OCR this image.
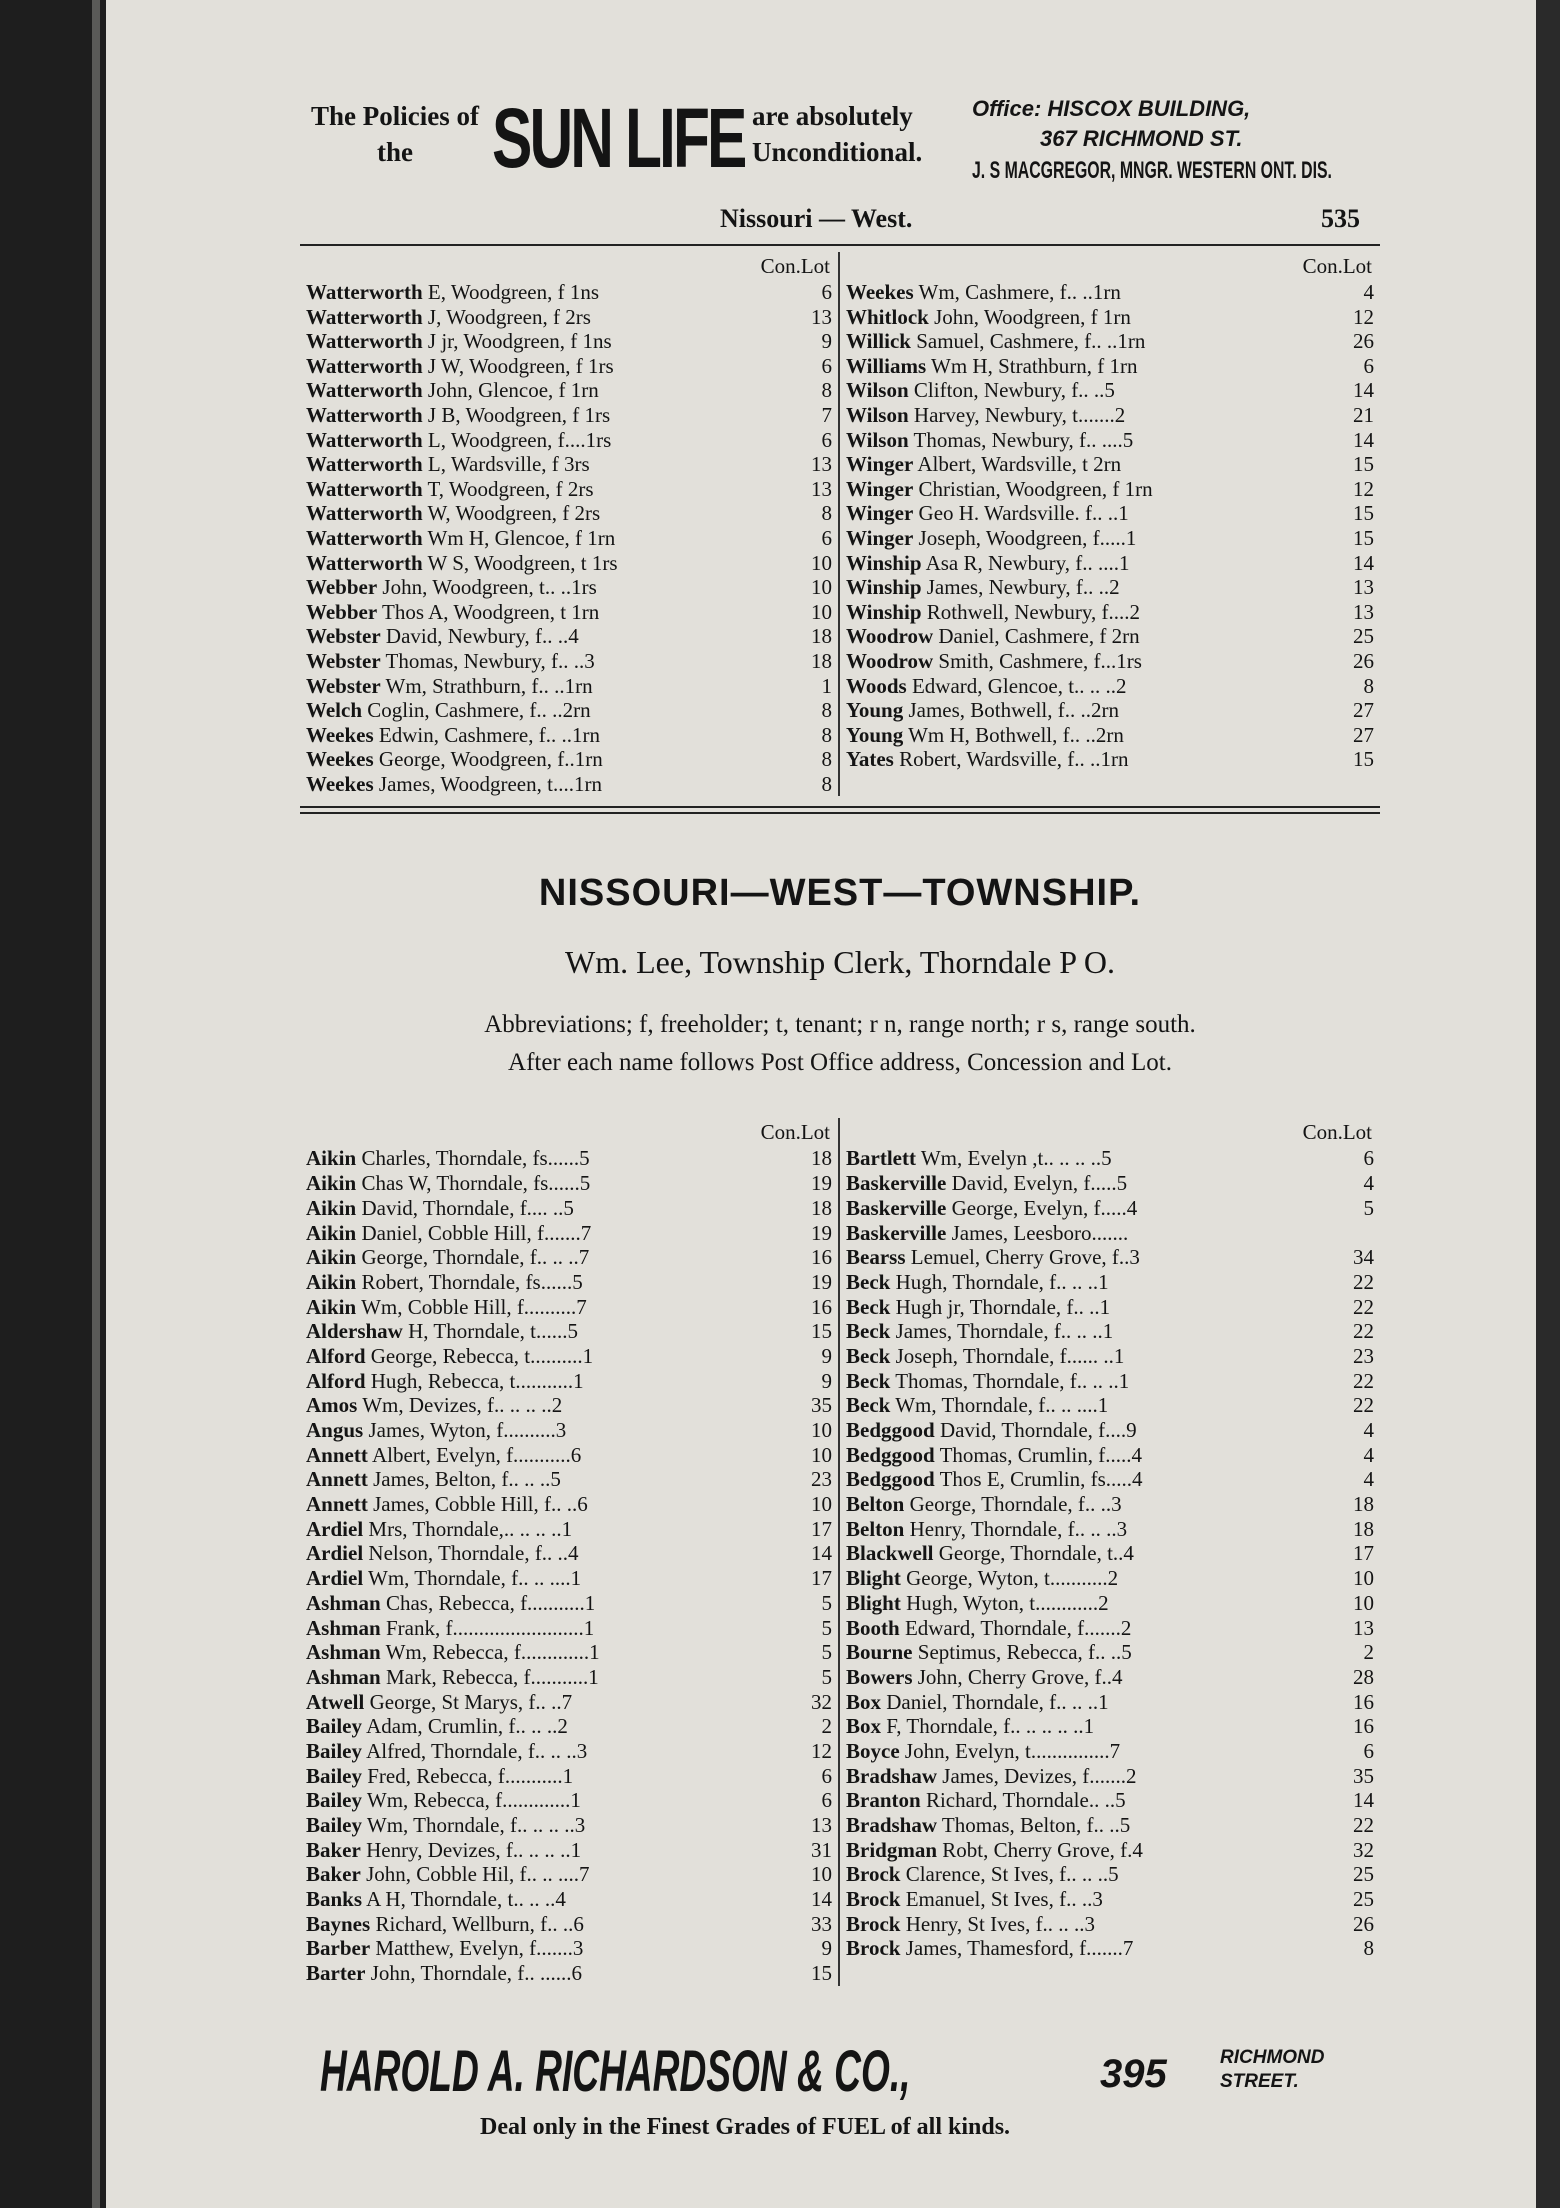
The Policies of the SUN LIFE are absolutely Unconditional.
Office: HISCOX BUILDING,
367 RICHMOND ST.
J. S MACGREGOR, MNGR. WESTERN ONT. DIS.
Nissouri — West.	535
Con.Lot
Watterworth E, Woodgreen, f 1ns	6
Watterworth J, Woodgreen, f 2rs	13
Watterworth J jr, Woodgreen, f 1ns	9
Watterworth J W, Woodgreen, f 1rs	6
Watterworth John, Glencoe, f 1rn	8
Watterworth J B, Woodgreen, f 1rs	7
Watterworth L, Woodgreen, f....1rs	6
Watterworth L, Wardsville, f 3rs	13
Watterworth T, Woodgreen, f 2rs	13
Watterworth W, Woodgreen, f 2rs	8
Watterworth Wm H, Glencoe, f 1rn	6
Watterworth W S, Woodgreen, t 1rs	10
Webber John, Woodgreen, t.. ..1rs	10
Webber Thos A, Woodgreen, t 1rn	10
Webster David, Newbury, f.. ..4	18
Webster Thomas, Newbury, f.. ..3	18
Webster Wm, Strathburn, f.. ..1rn	1
Welch Coglin, Cashmere, f.. ..2rn	8
Weekes Edwin, Cashmere, f.. ..1rn	8
Weekes George, Woodgreen, f..1rn	8
Weekes James, Woodgreen, t....1rn	8
Con.Lot
Weekes Wm, Cashmere, f.. ..1rn	4
Whitlock John, Woodgreen, f 1rn	12
Willick Samuel, Cashmere, f.. ..1rn	26
Williams Wm H, Strathburn, f 1rn	6
Wilson Clifton, Newbury, f.. ..5	14
Wilson Harvey, Newbury, t.......2	21
Wilson Thomas, Newbury, f.. ....5	14
Winger Albert, Wardsville, t 2rn	15
Winger Christian, Woodgreen, f 1rn	12
Winger Geo H. Wardsville. f.. ..1	15
Winger Joseph, Woodgreen, f.....1	15
Winship Asa R, Newbury, f.. ....1	14
Winship James, Newbury, f.. ..2	13
Winship Rothwell, Newbury, f....2	13
Woodrow Daniel, Cashmere, f 2rn	25
Woodrow Smith, Cashmere, f...1rs	26
Woods Edward, Glencoe, t.. .. ..2	8
Young James, Bothwell, f.. ..2rn	27
Young Wm H, Bothwell, f.. ..2rn	27
Yates Robert, Wardsville, f.. ..1rn	15
NISSOURI—WEST—TOWNSHIP.
Wm. Lee, Township Clerk, Thorndale P O.
Abbreviations; f, freeholder; t, tenant; r n, range north; r s, range south.
After each name follows Post Office address, Concession and Lot.
Con.Lot
Aikin Charles, Thorndale, fs......5	18
Aikin Chas W, Thorndale, fs......5	19
Aikin David, Thorndale, f.... ..5	18
Aikin Daniel, Cobble Hill, f.......7	19
Aikin George, Thorndale, f.. .. ..7	16
Aikin Robert, Thorndale, fs......5	19
Aikin Wm, Cobble Hill, f..........7	16
Aldershaw H, Thorndale, t......5	15
Alford George, Rebecca, t..........1	9
Alford Hugh, Rebecca, t...........1	9
Amos Wm, Devizes, f.. .. .. ..2	35
Angus James, Wyton, f..........3	10
Annett Albert, Evelyn, f...........6	10
Annett James, Belton, f.. .. ..5	23
Annett James, Cobble Hill, f.. ..6	10
Ardiel Mrs, Thorndale,.. .. .. ..1	17
Ardiel Nelson, Thorndale, f.. ..4	14
Ardiel Wm, Thorndale, f.. .. ....1	17
Ashman Chas, Rebecca, f...........1	5
Ashman Frank, f.........................1	5
Ashman Wm, Rebecca, f.............1	5
Ashman Mark, Rebecca, f...........1	5
Atwell George, St Marys, f.. ..7	32
Bailey Adam, Crumlin, f.. .. ..2	2
Bailey Alfred, Thorndale, f.. .. ..3	12
Bailey Fred, Rebecca, f...........1	6
Bailey Wm, Rebecca, f.............1	6
Bailey Wm, Thorndale, f.. .. .. ..3	13
Baker Henry, Devizes, f.. .. .. ..1	31
Baker John, Cobble Hil, f.. .. ....7	10
Banks A H, Thorndale, t.. .. ..4	14
Baynes Richard, Wellburn, f.. ..6	33
Barber Matthew, Evelyn, f.......3	9
Barter John, Thorndale, f.. ......6	15
Con.Lot
Bartlett Wm, Evelyn ,t.. .. .. ..5	6
Baskerville David, Evelyn, f.....5	4
Baskerville George, Evelyn, f.....4	5
Baskerville James, Leesboro.......
Bearss Lemuel, Cherry Grove, f..3	34
Beck Hugh, Thorndale, f.. .. ..1	22
Beck Hugh jr, Thorndale, f.. ..1	22
Beck James, Thorndale, f.. .. ..1	22
Beck Joseph, Thorndale, f...... ..1	23
Beck Thomas, Thorndale, f.. .. ..1	22
Beck Wm, Thorndale, f.. .. ....1	22
Bedggood David, Thorndale, f....9	4
Bedggood Thomas, Crumlin, f.....4	4
Bedggood Thos E, Crumlin, fs.....4	4
Belton George, Thorndale, f.. ..3	18
Belton Henry, Thorndale, f.. .. ..3	18
Blackwell George, Thorndale, t..4	17
Blight George, Wyton, t...........2	10
Blight Hugh, Wyton, t............2	10
Booth Edward, Thorndale, f.......2	13
Bourne Septimus, Rebecca, f.. ..5	2
Bowers John, Cherry Grove, f..4	28
Box Daniel, Thorndale, f.. .. ..1	16
Box F, Thorndale, f.. .. .. .. ..1	16
Boyce John, Evelyn, t...............7	6
Bradshaw James, Devizes, f.......2	35
Branton Richard, Thorndale.. ..5	14
Bradshaw Thomas, Belton, f.. ..5	22
Bridgman Robt, Cherry Grove, f.4	32
Brock Clarence, St Ives, f.. .. ..5	25
Brock Emanuel, St Ives, f.. ..3	25
Brock Henry, St Ives, f.. .. ..3	26
Brock James, Thamesford, f.......7	8
HAROLD A. RICHARDSON & CO.,	395	RICHMOND
STREET.
Deal only in the Finest Grades of FUEL of all kinds.
